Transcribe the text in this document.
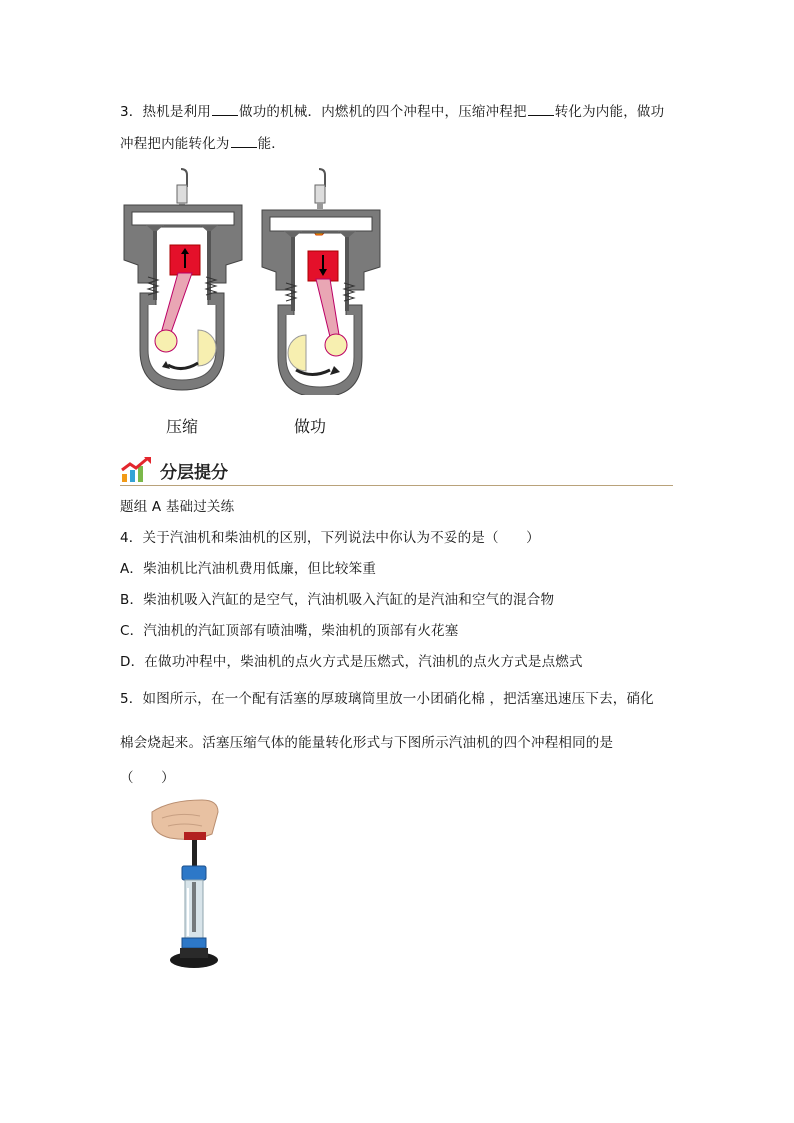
3．热机是利用 做功的机械．内燃机的四个冲程中，压缩冲程把 转化为内能，做功
冲程把内能转化为 能．
压缩	做功
分层提分
题组 A 基础过关练
4．关于汽油机和柴油机的区别，下列说法中你认为不妥的是（　　）
A．柴油机比汽油机费用低廉，但比较笨重
B．柴油机吸入汽缸的是空气，汽油机吸入汽缸的是汽油和空气的混合物
C．汽油机的汽缸顶部有喷油嘴，柴油机的顶部有火花塞
D．在做功冲程中，柴油机的点火方式是压燃式，汽油机的点火方式是点燃式
5．如图所示，在一个配有活塞的厚玻璃筒里放一小团硝化棉 ，把活塞迅速压下去，硝化
棉会烧起来。活塞压缩气体的能量转化形式与下图所示汽油机的四个冲程相同的是
（　　）
